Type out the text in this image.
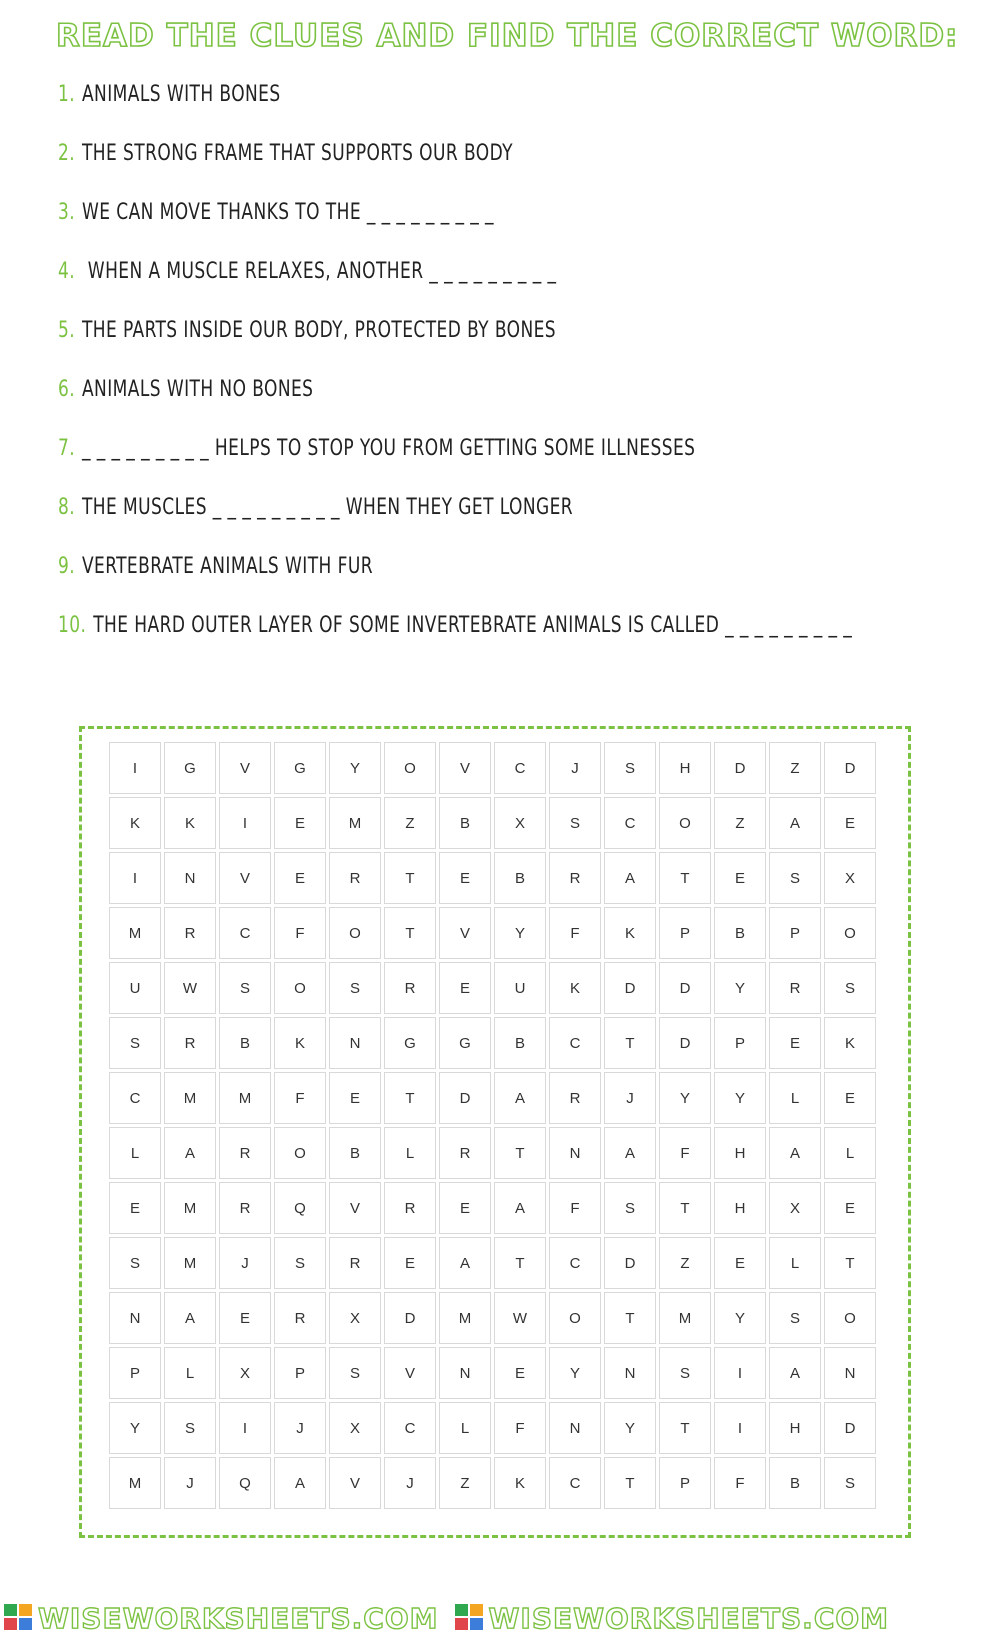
READ THE CLUES AND FIND THE CORRECT WORD:
1. ANIMALS WITH BONES
2. THE STRONG FRAME THAT SUPPORTS OUR BODY
3. WE CAN MOVE THANKS TO THE _ _ _ _ _ _ _ _ _
4. WHEN A MUSCLE RELAXES, ANOTHER _ _ _ _ _ _ _ _ _
5. THE PARTS INSIDE OUR BODY, PROTECTED BY BONES
6. ANIMALS WITH NO BONES
7. _ _ _ _ _ _ _ _ _ HELPS TO STOP YOU FROM GETTING SOME ILLNESSES
8. THE MUSCLES _ _ _ _ _ _ _ _ _ WHEN THEY GET LONGER
9. VERTEBRATE ANIMALS WITH FUR
10. THE HARD OUTER LAYER OF SOME INVERTEBRATE ANIMALS IS CALLED _ _ _ _ _ _ _ _ _
I	G	V	G	Y	O	V	C	J	S	H	D	Z	D
K	K	I	E	M	Z	B	X	S	C	O	Z	A	E
I	N	V	E	R	T	E	B	R	A	T	E	S	X
M	R	C	F	O	T	V	Y	F	K	P	B	P	O
U	W	S	O	S	R	E	U	K	D	D	Y	R	S
S	R	B	K	N	G	G	B	C	T	D	P	E	K
C	M	M	F	E	T	D	A	R	J	Y	Y	L	E
L	A	R	O	B	L	R	T	N	A	F	H	A	L
E	M	R	Q	V	R	E	A	F	S	T	H	X	E
S	M	J	S	R	E	A	T	C	D	Z	E	L	T
N	A	E	R	X	D	M	W	O	T	M	Y	S	O
P	L	X	P	S	V	N	E	Y	N	S	I	A	N
Y	S	I	J	X	C	L	F	N	Y	T	I	H	D
M	J	Q	A	V	J	Z	K	C	T	P	F	B	S
WISEWORKSHEETS.COM WISEWORKSHEETS.COM
